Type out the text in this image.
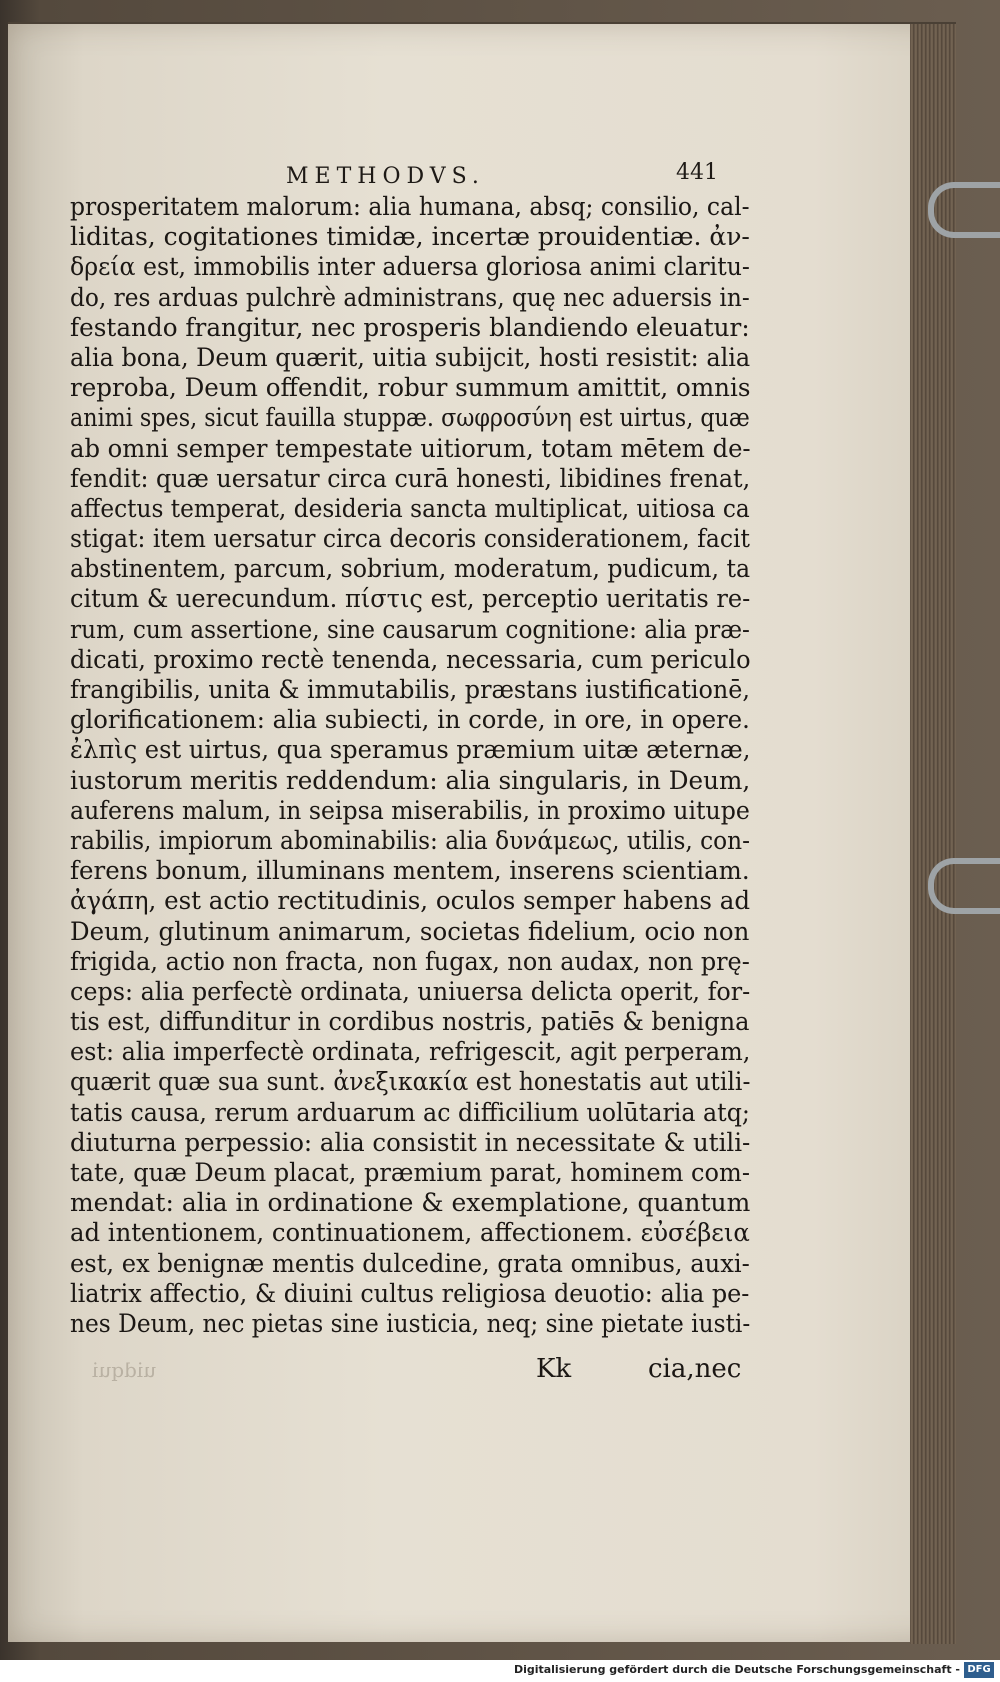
METHODVS.	441
prosperitatem malorum: alia humana, absq; consilio, cal-
liditas, cogitationes timidæ, incertæ prouidentiæ. ἀν-
δρεία est, immobilis inter aduersa gloriosa animi claritu-
do, res arduas pulchrè administrans, quę nec aduersis in-
festando frangitur, nec prosperis blandiendo eleuatur:
alia bona, Deum quærit, uitia subijcit, hosti resistit: alia
reproba, Deum offendit, robur summum amittit, omnis
animi spes, sicut fauilla stuppæ. σωφροσύνη est uirtus, quæ
ab omni semper tempestate uitiorum, totam mētem de-
fendit: quæ uersatur circa curā honesti, libidines frenat,
affectus temperat, desideria sancta multiplicat, uitiosa ca
stigat: item uersatur circa decoris considerationem, facit
abstinentem, parcum, sobrium, moderatum, pudicum, ta
citum & uerecundum. πίστις est, perceptio ueritatis re-
rum, cum assertione, sine causarum cognitione: alia præ-
dicati, proximo rectè tenenda, necessaria, cum periculo
frangibilis, unita & immutabilis, præstans iustificationē,
glorificationem: alia subiecti, in corde, in ore, in opere.
ἐλπὶς est uirtus, qua speramus præmium uitæ æternæ,
iustorum meritis reddendum: alia singularis, in Deum,
auferens malum, in seipsa miserabilis, in proximo uitupe
rabilis, impiorum abominabilis: alia δυνάμεως, utilis, con-
ferens bonum, illuminans mentem, inserens scientiam.
ἀγάπη, est actio rectitudinis, oculos semper habens ad
Deum, glutinum animarum, societas fidelium, ocio non
frigida, actio non fracta, non fugax, non audax, non prę-
ceps: alia perfectè ordinata, uniuersa delicta operit, for-
tis est, diffunditur in cordibus nostris, patiēs & benigna
est: alia imperfectè ordinata, refrigescit, agit perperam,
quærit quæ sua sunt. ἀνεξικακία est honestatis aut utili-
tatis causa, rerum arduarum ac difficilium uolūtaria atq;
diuturna perpessio: alia consistit in necessitate & utili-
tate, quæ Deum placat, præmium parat, hominem com-
mendat: alia in ordinatione & exemplatione, quantum
ad intentionem, continuationem, affectionem. εὐσέβεια
est, ex benignæ mentis dulcedine, grata omnibus, auxi-
liatrix affectio, & diuini cultus religiosa deuotio: alia pe-
nes Deum, nec pietas sine iusticia, neq; sine pietate iusti-
uidqui	Kk	cia,nec
Digitalisierung gefördert durch die Deutsche Forschungsgemeinschaft - DFG
